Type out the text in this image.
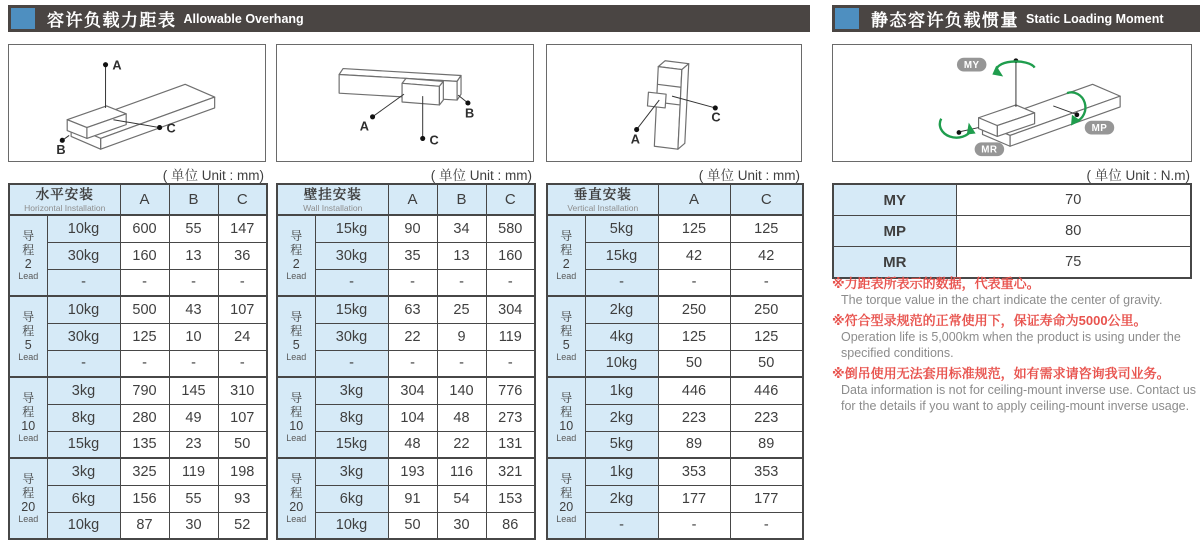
容许负载力距表 Allowable Overhang	静态容许负载惯量 Static Loading Moment
A
B
C	A
B
C	A
C
MY
MP
MR
( 单位 Unit : mm)	( 单位 Unit : mm)	( 单位 Unit : mm)	( 单位 Unit : N.m)
水平安装
Horizontal Installation		A	B	C

导
程
2
Lead	10kg	600	55	147
	30kg	160	13	36
	-	-	-	-

导
程
5
Lead	10kg	500	43	107
	30kg	125	10	24
	-	-	-	-

导
程
10
Lead	3kg	790	145	310
	8kg	280	49	107
	15kg	135	23	50

导
程
20
Lead	3kg	325	119	198
	6kg	156	55	93
	10kg	87	30	52
壁挂安装
Wall Installation		A	B	C

导
程
2
Lead	15kg	90	34	580
	30kg	35	13	160
	-	-	-	-

导
程
5
Lead	15kg	63	25	304
	30kg	22	9	119
	-	-	-	-

导
程
10
Lead	3kg	304	140	776
	8kg	104	48	273
	15kg	48	22	131

导
程
20
Lead	3kg	193	116	321
	6kg	91	54	153
	10kg	50	30	86
垂直安装
Vertical Installation		A	C

导
程
2
Lead	5kg	125	125
	15kg	42	42
	-	-	-

导
程
5
Lead	2kg	250	250
	4kg	125	125
	10kg	50	50

导
程
10
Lead	1kg	446	446
	2kg	223	223
	5kg	89	89

导
程
20
Lead	1kg	353	353
	2kg	177	177
	-	-	-
MY	70
MP	80
MR	75
※力距表所表示的数据，代表重心。
The torque value in the chart indicate the center of gravity.
※符合型录规范的正常使用下，保证寿命为5000公里。
Operation life is 5,000km when the product is using under the specified conditions.
※倒吊使用无法套用标准规范，如有需求请咨询我司业务。
Data information is not for ceiling-mount inverse use. Contact us for the details if you want to apply ceiling-mount inverse usage.
